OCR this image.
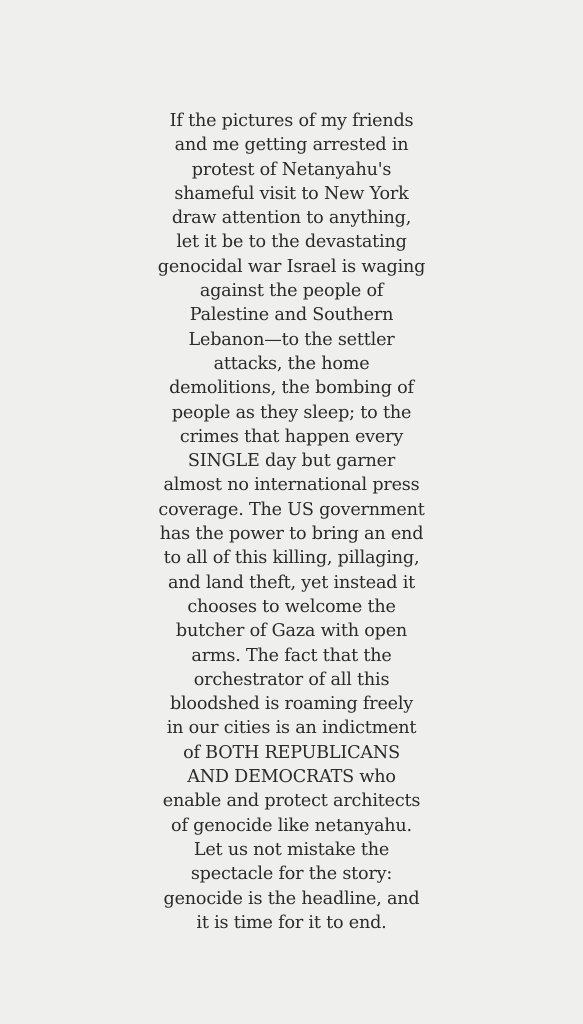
If the pictures of my friends
and me getting arrested in
protest of Netanyahu's
shameful visit to New York
draw attention to anything,
let it be to the devastating
genocidal war Israel is waging
against the people of
Palestine and Southern
Lebanon—to the settler
attacks, the home
demolitions, the bombing of
people as they sleep; to the
crimes that happen every
SINGLE day but garner
almost no international press
coverage. The US government
has the power to bring an end
to all of this killing, pillaging,
and land theft, yet instead it
chooses to welcome the
butcher of Gaza with open
arms. The fact that the
orchestrator of all this
bloodshed is roaming freely
in our cities is an indictment
of BOTH REPUBLICANS
AND DEMOCRATS who
enable and protect architects
of genocide like netanyahu.
Let us not mistake the
spectacle for the story:
genocide is the headline, and
it is time for it to end.
